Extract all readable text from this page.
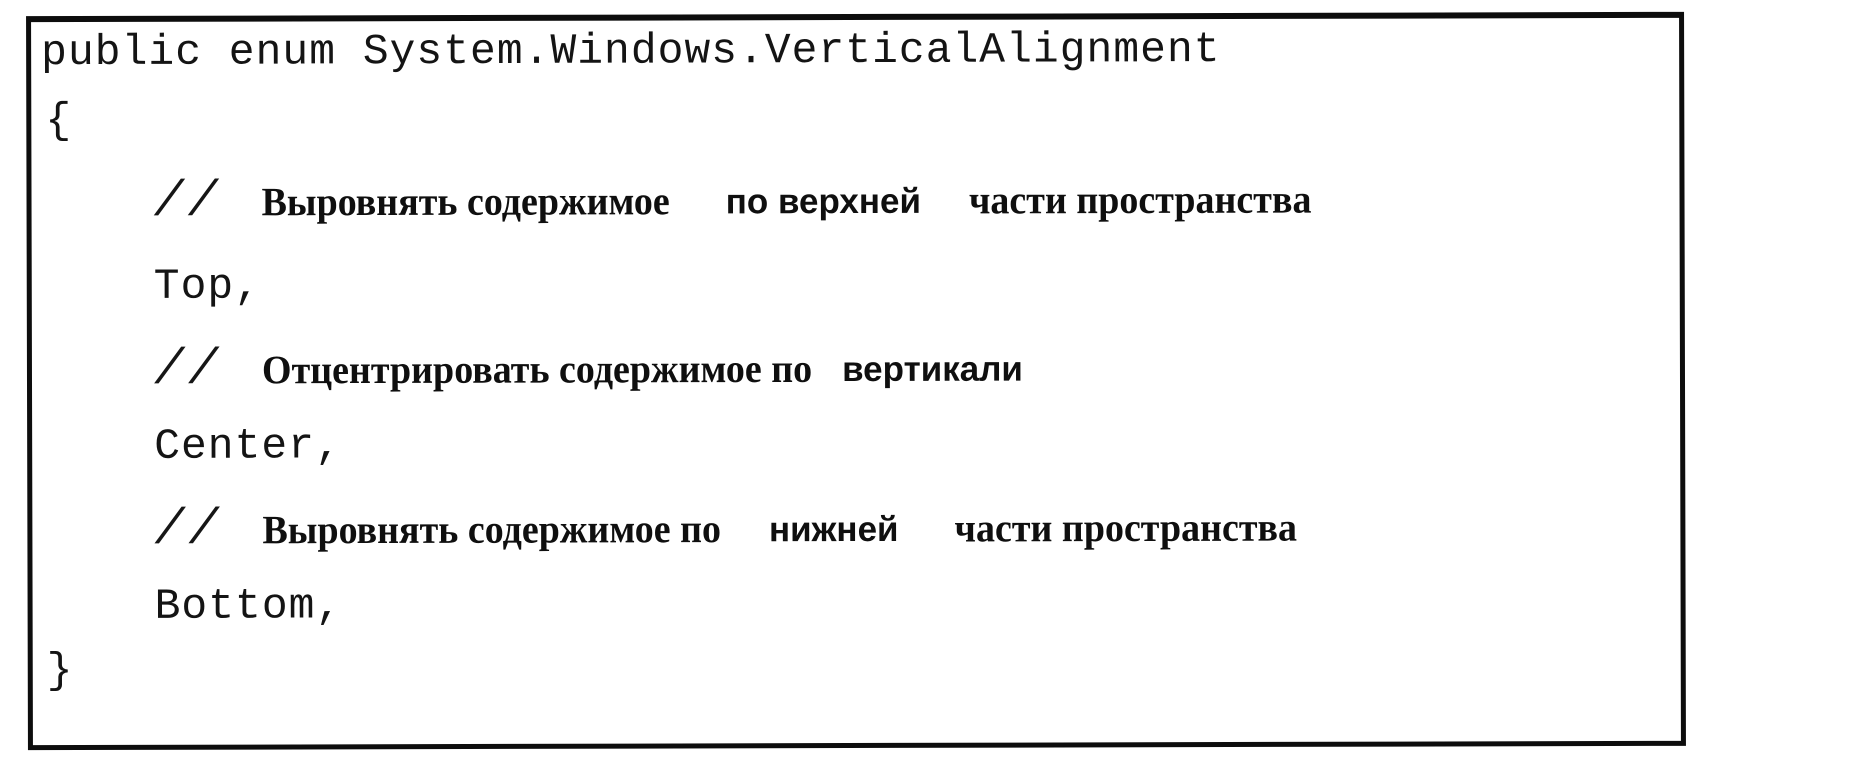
public enum System.Windows.VerticalAlignment
{
// Выровнять содержимое по верхней части пространства
Top,
// Отцентрировать содержимое по вертикали
Center,
// Выровнять содержимое по нижней части пространства
Bottom,
}
